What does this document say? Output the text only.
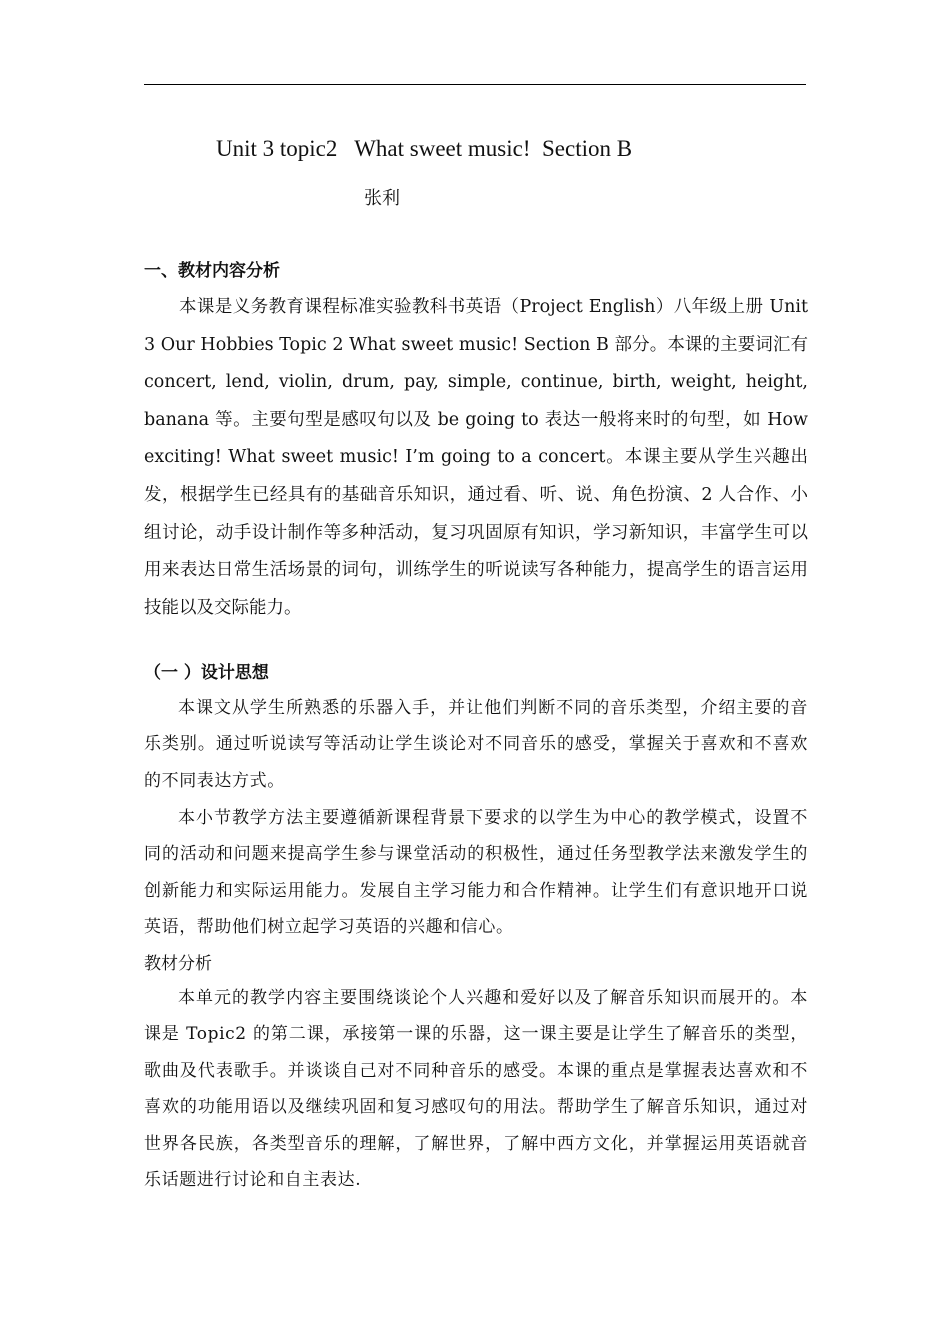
Unit 3 topic2   What sweet music!  Section B

张利

一、教材内容分析

本课是义务教育课程标准实验教科书英语（Project English）八年级上册 Unit 3 Our Hobbies Topic 2 What sweet music! Section B 部分。本课的主要词汇有 concert, lend, violin, drum, pay, simple, continue, birth, weight, height, banana 等。主要句型是感叹句以及 be going to 表达一般将来时的句型，如 How exciting! What sweet music! I’m going to a concert。本课主要从学生兴趣出发，根据学生已经具有的基础音乐知识，通过看、听、说、角色扮演、2 人合作、小组讨论，动手设计制作等多种活动，复习巩固原有知识，学习新知识，丰富学生可以用来表达日常生活场景的词句，训练学生的听说读写各种能力，提高学生的语言运用技能以及交际能力。

（一 ）设计思想

本课文从学生所熟悉的乐器入手，并让他们判断不同的音乐类型，介绍主要的音乐类别。通过听说读写等活动让学生谈论对不同音乐的感受，掌握关于喜欢和不喜欢的不同表达方式。

本小节教学方法主要遵循新课程背景下要求的以学生为中心的教学模式，设置不同的活动和问题来提高学生参与课堂活动的积极性，通过任务型教学法来激发学生的创新能力和实际运用能力。发展自主学习能力和合作精神。让学生们有意识地开口说英语，帮助他们树立起学习英语的兴趣和信心。

教材分析

本单元的教学内容主要围绕谈论个人兴趣和爱好以及了解音乐知识而展开的。本课是 Topic2 的第二课，承接第一课的乐器，这一课主要是让学生了解音乐的类型，歌曲及代表歌手。并谈谈自己对不同种音乐的感受。本课的重点是掌握表达喜欢和不喜欢的功能用语以及继续巩固和复习感叹句的用法。帮助学生了解音乐知识，通过对世界各民族，各类型音乐的理解，了解世界，了解中西方文化，并掌握运用英语就音乐话题进行讨论和自主表达.
